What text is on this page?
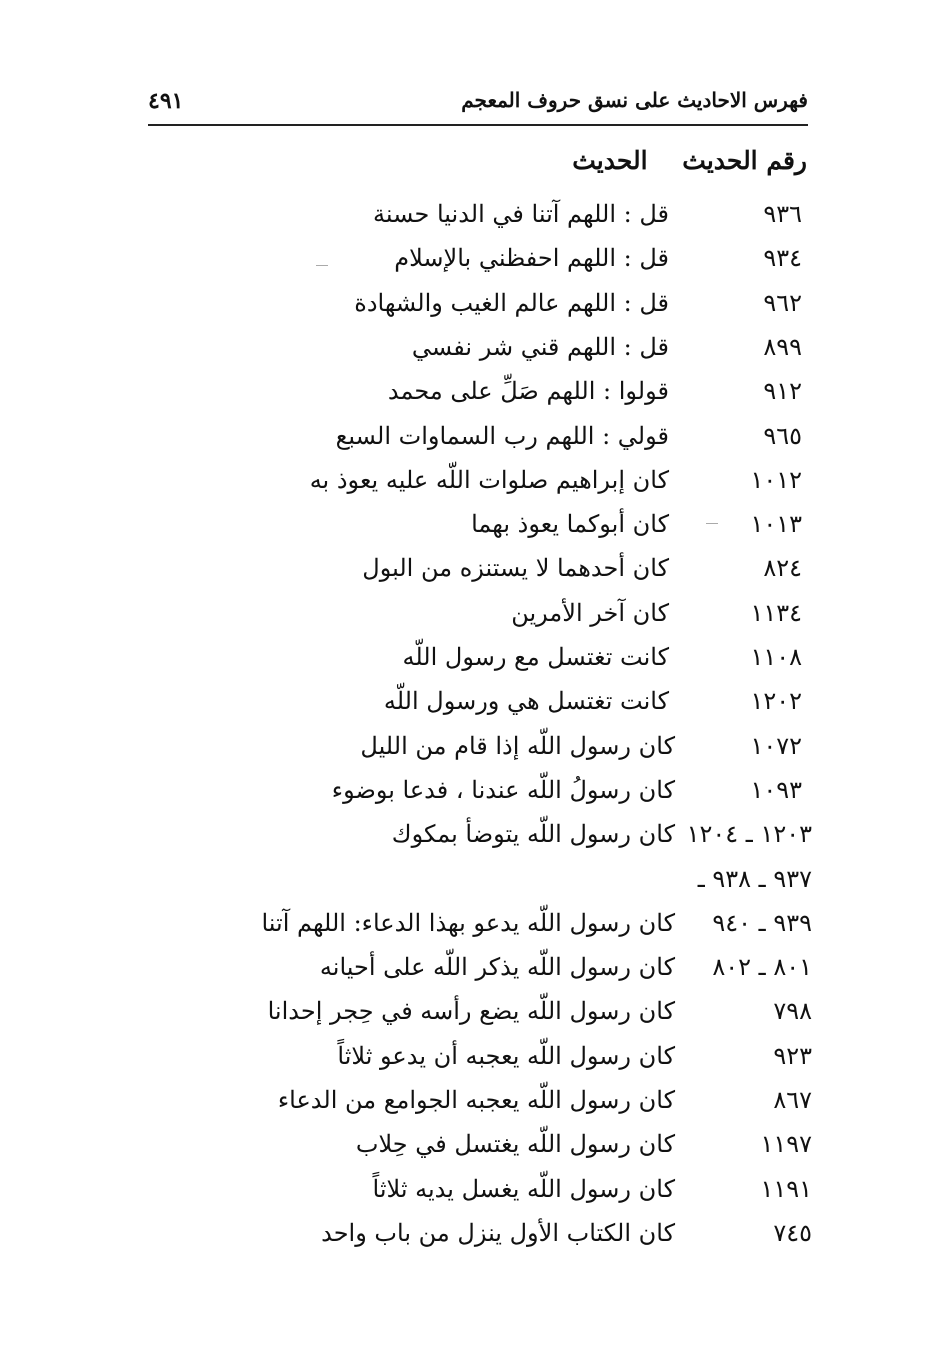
فهرس الاحاديث على نسق حروف المعجم
٤٩١
رقم الحديث الحديث
٩٣٦
قل : اللهم آتنا في الدنيا حسنة
٩٣٤
قل : اللهم احفظني بالإسلام
٩٦٢
قل : اللهم عالم الغيب والشهادة
٨٩٩
قل : اللهم قني شر نفسي
٩١٢
قولوا : اللهم صَلِّ على محمد
٩٦٥
قولي : اللهم رب السماوات السبع
١٠١٢
كان إبراهيم صلوات اللّه عليه يعوذ به
١٠١٣
كان أبوكما يعوذ بهما
٨٢٤
كان أحدهما لا يستنزه من البول
١١٣٤
كان آخر الأمرين
١١٠٨
كانت تغتسل مع رسول اللّه
١٢٠٢
كانت تغتسل هي ورسول اللّه
١٠٧٢
كان رسول اللّه إذا قام من الليل
١٠٩٣
كان رسولُ اللّه عندنا ، فدعا بوضوء
١٢٠٣ ـ ١٢٠٤
كان رسول اللّه يتوضأ بمكوك
٩٣٧ ـ ٩٣٨ ـ
٩٣٩ ـ ٩٤٠
كان رسول اللّه يدعو بهذا الدعاء: اللهم آتنا
٨٠١ ـ ٨٠٢
كان رسول اللّه يذكر اللّه على أحيانه
٧٩٨
كان رسول اللّه يضع رأسه في حِجر إحدانا
٩٢٣
كان رسول اللّه يعجبه أن يدعو ثلاثاً
٨٦٧
كان رسول اللّه يعجبه الجوامع من الدعاء
١١٩٧
كان رسول اللّه يغتسل في حِلاب
١١٩١
كان رسول اللّه يغسل يديه ثلاثاً
٧٤٥
كان الكتاب الأول ينزل من باب واحد
